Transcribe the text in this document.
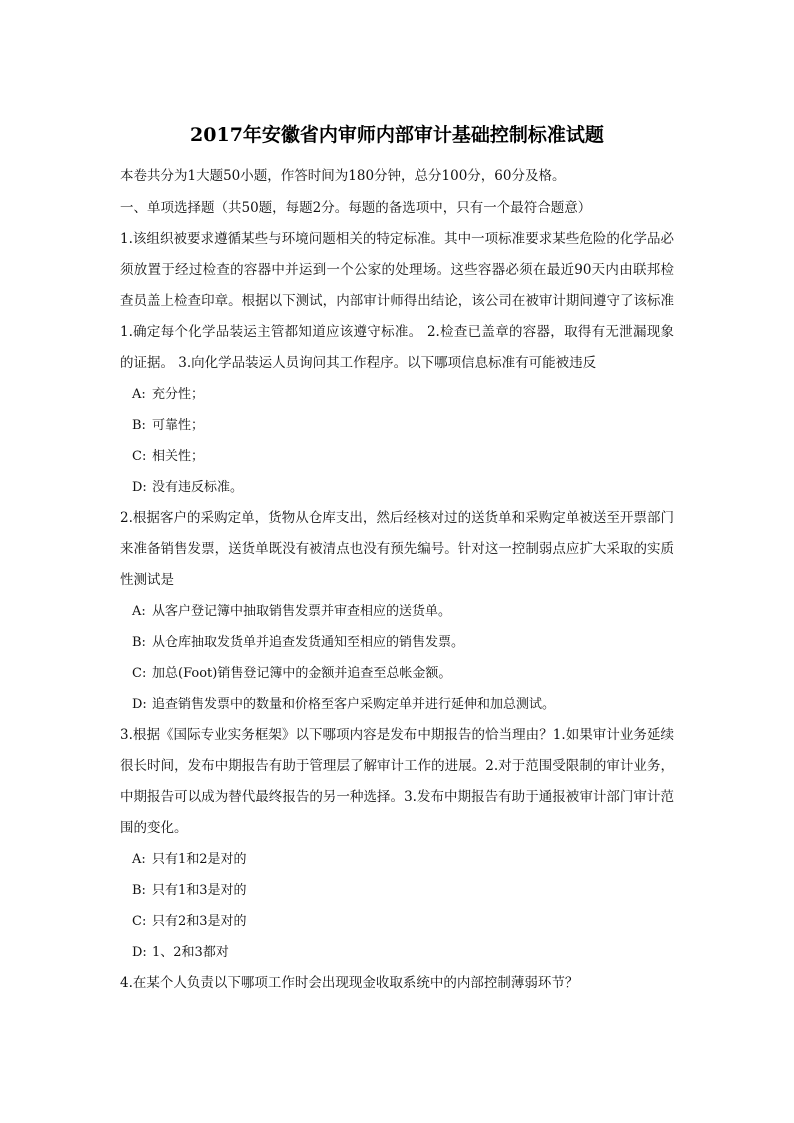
2017年安徽省内审师内部审计基础控制标准试题

本卷共分为1大题50小题，作答时间为180分钟，总分100分，60分及格。

一、单项选择题（共50题，每题2分。每题的备选项中，只有一个最符合题意）

1.该组织被要求遵循某些与环境问题相关的特定标准。其中一项标准要求某些危险的化学品必须放置于经过检查的容器中并运到一个公家的处理场。这些容器必须在最近90天内由联邦检查员盖上检查印章。根据以下测试，内部审计师得出结论，该公司在被审计期间遵守了该标准 1.确定每个化学品装运主管都知道应该遵守标准。 2.检查已盖章的容器，取得有无泄漏现象的证据。 3.向化学品装运人员询问其工作程序。以下哪项信息标准有可能被违反

A: 充分性；

B: 可靠性；

C: 相关性；

D: 没有违反标准。

2.根据客户的采购定单，货物从仓库支出，然后经核对过的送货单和采购定单被送至开票部门来准备销售发票，送货单既没有被清点也没有预先编号。针对这一控制弱点应扩大采取的实质性测试是

A: 从客户登记簿中抽取销售发票并审查相应的送货单。

B: 从仓库抽取发货单并追查发货通知至相应的销售发票。

C: 加总(Foot)销售登记簿中的金额并追查至总帐金额。

D: 追查销售发票中的数量和价格至客户采购定单并进行延伸和加总测试。

3.根据《国际专业实务框架》以下哪项内容是发布中期报告的恰当理由？1.如果审计业务延续很长时间，发布中期报告有助于管理层了解审计工作的进展。2.对于范围受限制的审计业务，中期报告可以成为替代最终报告的另一种选择。3.发布中期报告有助于通报被审计部门审计范围的变化。

A: 只有1和2是对的

B: 只有1和3是对的

C: 只有2和3是对的

D: 1、2和3都对

4.在某个人负责以下哪项工作时会出现现金收取系统中的内部控制薄弱环节？
